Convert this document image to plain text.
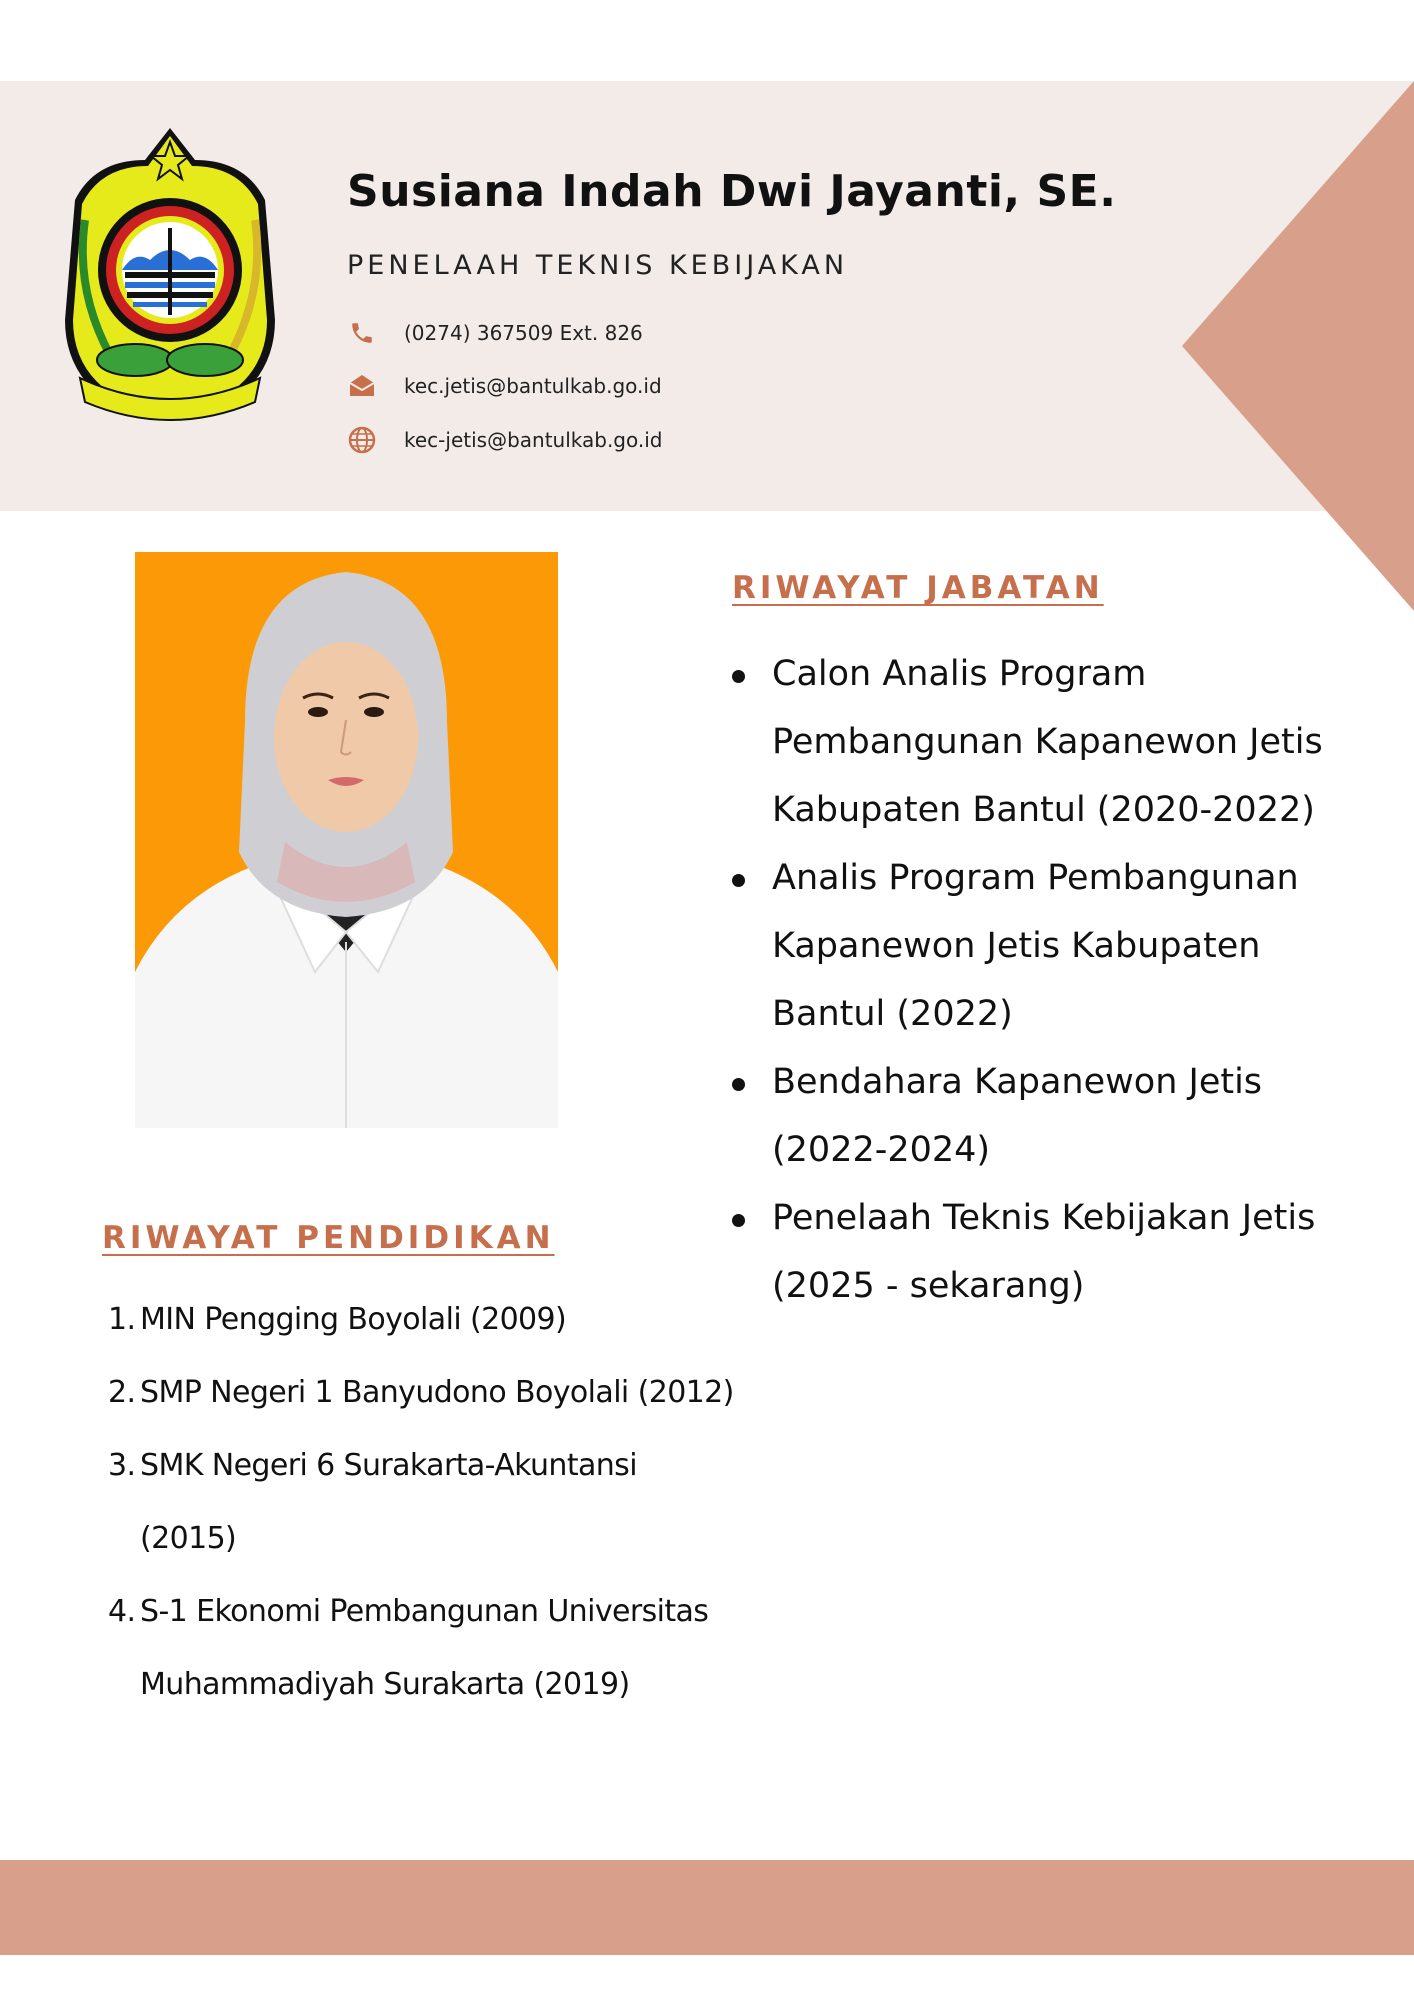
Susiana Indah Dwi Jayanti, SE.
PENELAAH TEKNIS KEBIJAKAN
(0274) 367509 Ext. 826
kec.jetis@bantulkab.go.id
kec-jetis@bantulkab.go.id
RIWAYAT JABATAN
Calon Analis Program Pembangunan Kapanewon Jetis Kabupaten Bantul (2020-2022)
Analis Program Pembangunan Kapanewon Jetis Kabupaten Bantul (2022)
Bendahara Kapanewon Jetis (2022-2024)
Penelaah Teknis Kebijakan Jetis (2025 - sekarang)
RIWAYAT PENDIDIKAN
1. MIN Pengging Boyolali (2009)
2. SMP Negeri 1 Banyudono Boyolali (2012)
3. SMK Negeri 6 Surakarta-Akuntansi (2015)
4. S-1 Ekonomi Pembangunan Universitas Muhammadiyah Surakarta (2019)
